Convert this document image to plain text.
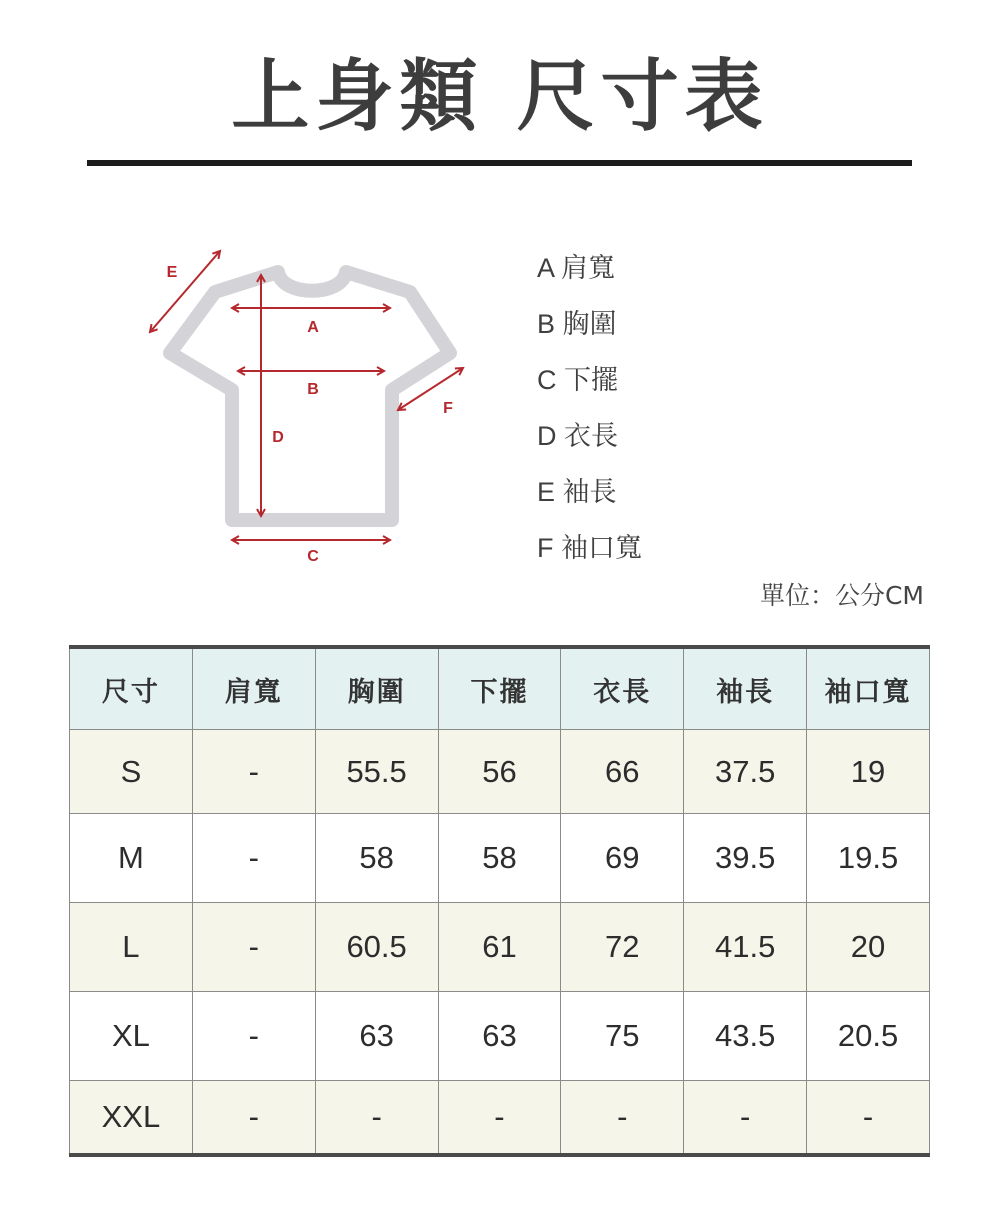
上身類 尺寸表
E
A
B
D
F
C
A 肩寬
B 胸圍
C 下擺
D 衣長
E 袖長
F 袖口寬
單位：公分CM
尺寸	肩寬	胸圍	下擺	衣長	袖長	袖口寬
S	-	55.5	56	66	37.5	19
M	-	58	58	69	39.5	19.5
L	-	60.5	61	72	41.5	20
XL	-	63	63	75	43.5	20.5
XXL	-	-	-	-	-	-
